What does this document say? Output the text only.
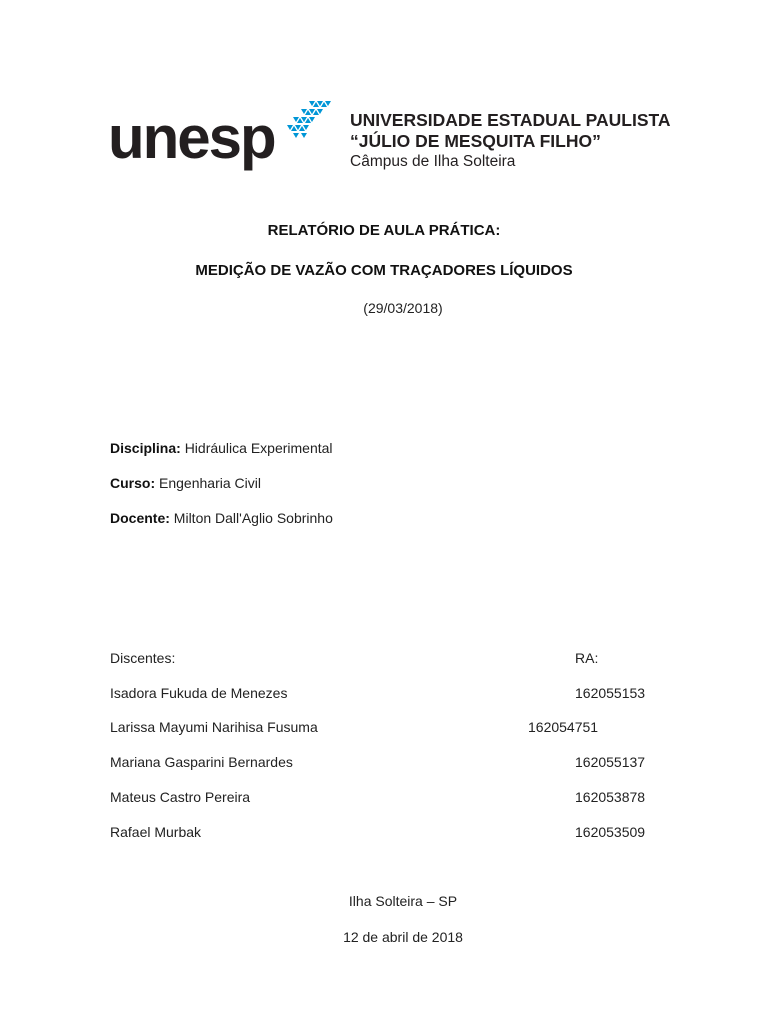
unesp	UNIVERSIDADE ESTADUAL PAULISTA
“JÚLIO DE MESQUITA FILHO”
Câmpus de Ilha Solteira
RELATÓRIO DE AULA PRÁTICA:
MEDIÇÃO DE VAZÃO COM TRAÇADORES LÍQUIDOS
(29/03/2018)
Disciplina: Hidráulica Experimental
Curso: Engenharia Civil
Docente: Milton Dall'Aglio Sobrinho
Discentes:	RA:
Isadora Fukuda de Menezes	162055153
Larissa Mayumi Narihisa Fusuma	162054751
Mariana Gasparini Bernardes	162055137
Mateus Castro Pereira	162053878
Rafael Murbak	162053509
Ilha Solteira – SP
12 de abril de 2018
